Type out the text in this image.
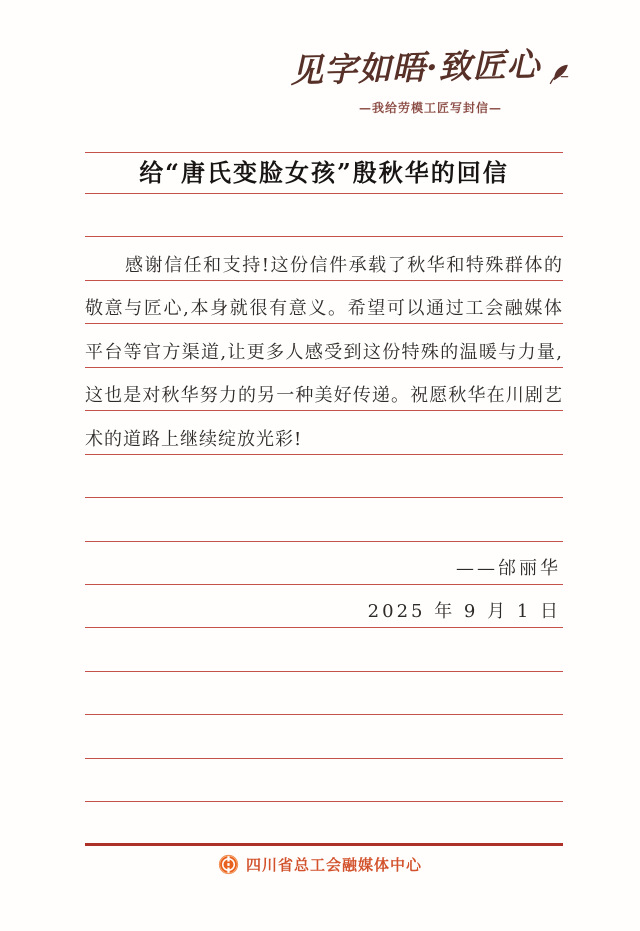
见字如晤·致匠心
—我给劳模工匠写封信—
给“唐氏变脸女孩”殷秋华的回信
感谢信任和支持!这份信件承载了秋华和特殊群体的
敬意与匠心,本身就很有意义。希望可以通过工会融媒体
平台等官方渠道,让更多人感受到这份特殊的温暖与力量,
这也是对秋华努力的另一种美好传递。祝愿秋华在川剧艺
术的道路上继续绽放光彩!
——邰丽华
2025 年 9 月 1 日
四川省总工会融媒体中心
